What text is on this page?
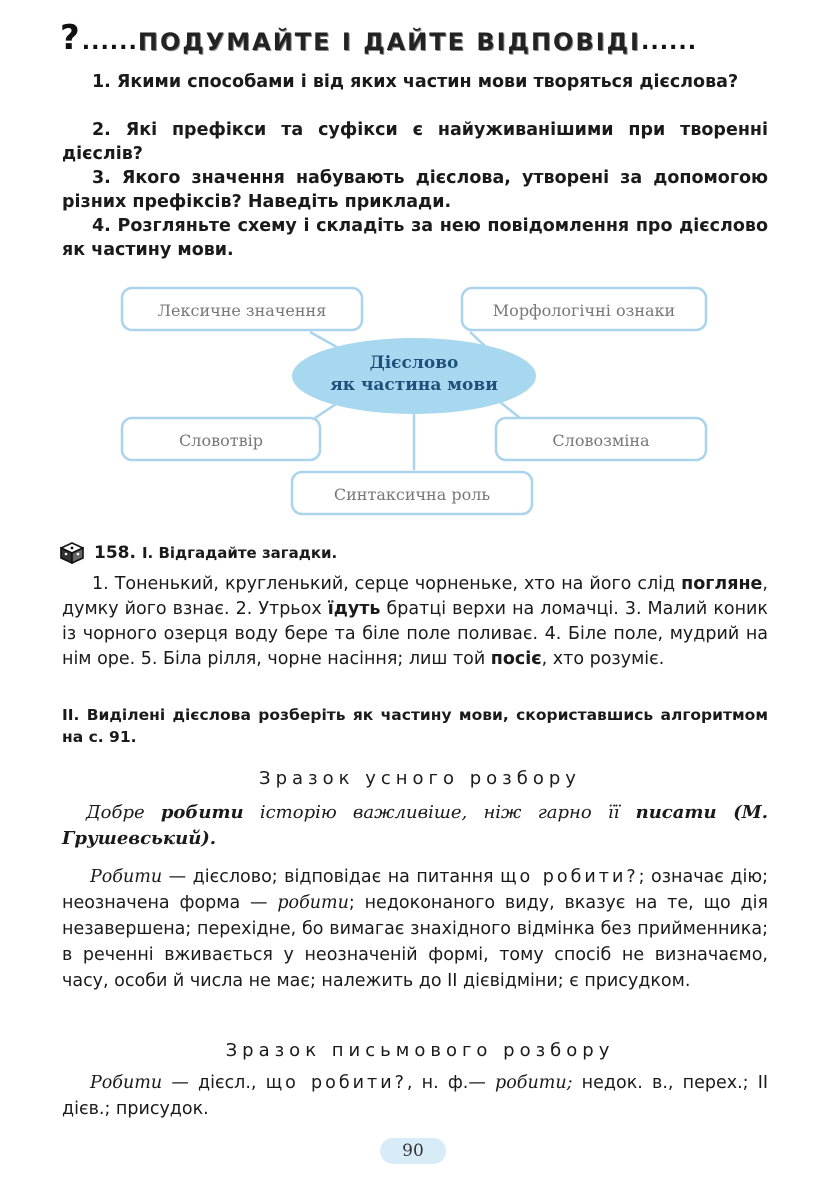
? ...... ПОДУМАЙТЕ І ДАЙТЕ ВІДПОВІДІ ......
1. Якими способами і від яких частин мови творяться дієслова?
2. Які префікси та суфікси є найуживанішими при творенні дієслів?
3. Якого значення набувають дієслова, утворені за допомогою різних префіксів? Наведіть приклади.
4. Розгляньте схему і складіть за нею повідомлення про дієслово як частину мови.
Лексичне значення	Морфологічні ознаки
Дієслово
як частина мови
Словотвір	Словозміна
Синтаксична роль
158. І. Відгадайте загадки.
1. Тоненький, кругленький, серце чорненьке, хто на його слід погляне, думку його взнає. 2. Утрьох їдуть братці верхи на ломачці. 3. Малий коник із чорного озерця воду бере та біле поле поливає. 4. Біле поле, мудрий на нім оре. 5. Біла рілля, чорне насіння; лиш той посіє, хто розуміє.
ІІ. Виділені дієслова розберіть як частину мови, скориставшись алгоритмом на с. 91.
Зразок усного розбору
Добре робити історію важливіше, ніж гарно її писати (М. Грушевський).
Робити — дієслово; відповідає на питання що робити?; означає дію; неозначена форма — робити; недоконаного виду, вказує на те, що дія незавершена; перехідне, бо вимагає знахідного відмінка без прийменника; в реченні вживається у неозначеній формі, тому спосіб не визначаємо, часу, особи й числа не має; належить до ІІ дієвідміни; є присудком.
Зразок письмового розбору
Робити — дієсл., що робити?, н. ф.— робити; недок. в., перех.; ІІ дієв.; присудок.
90
